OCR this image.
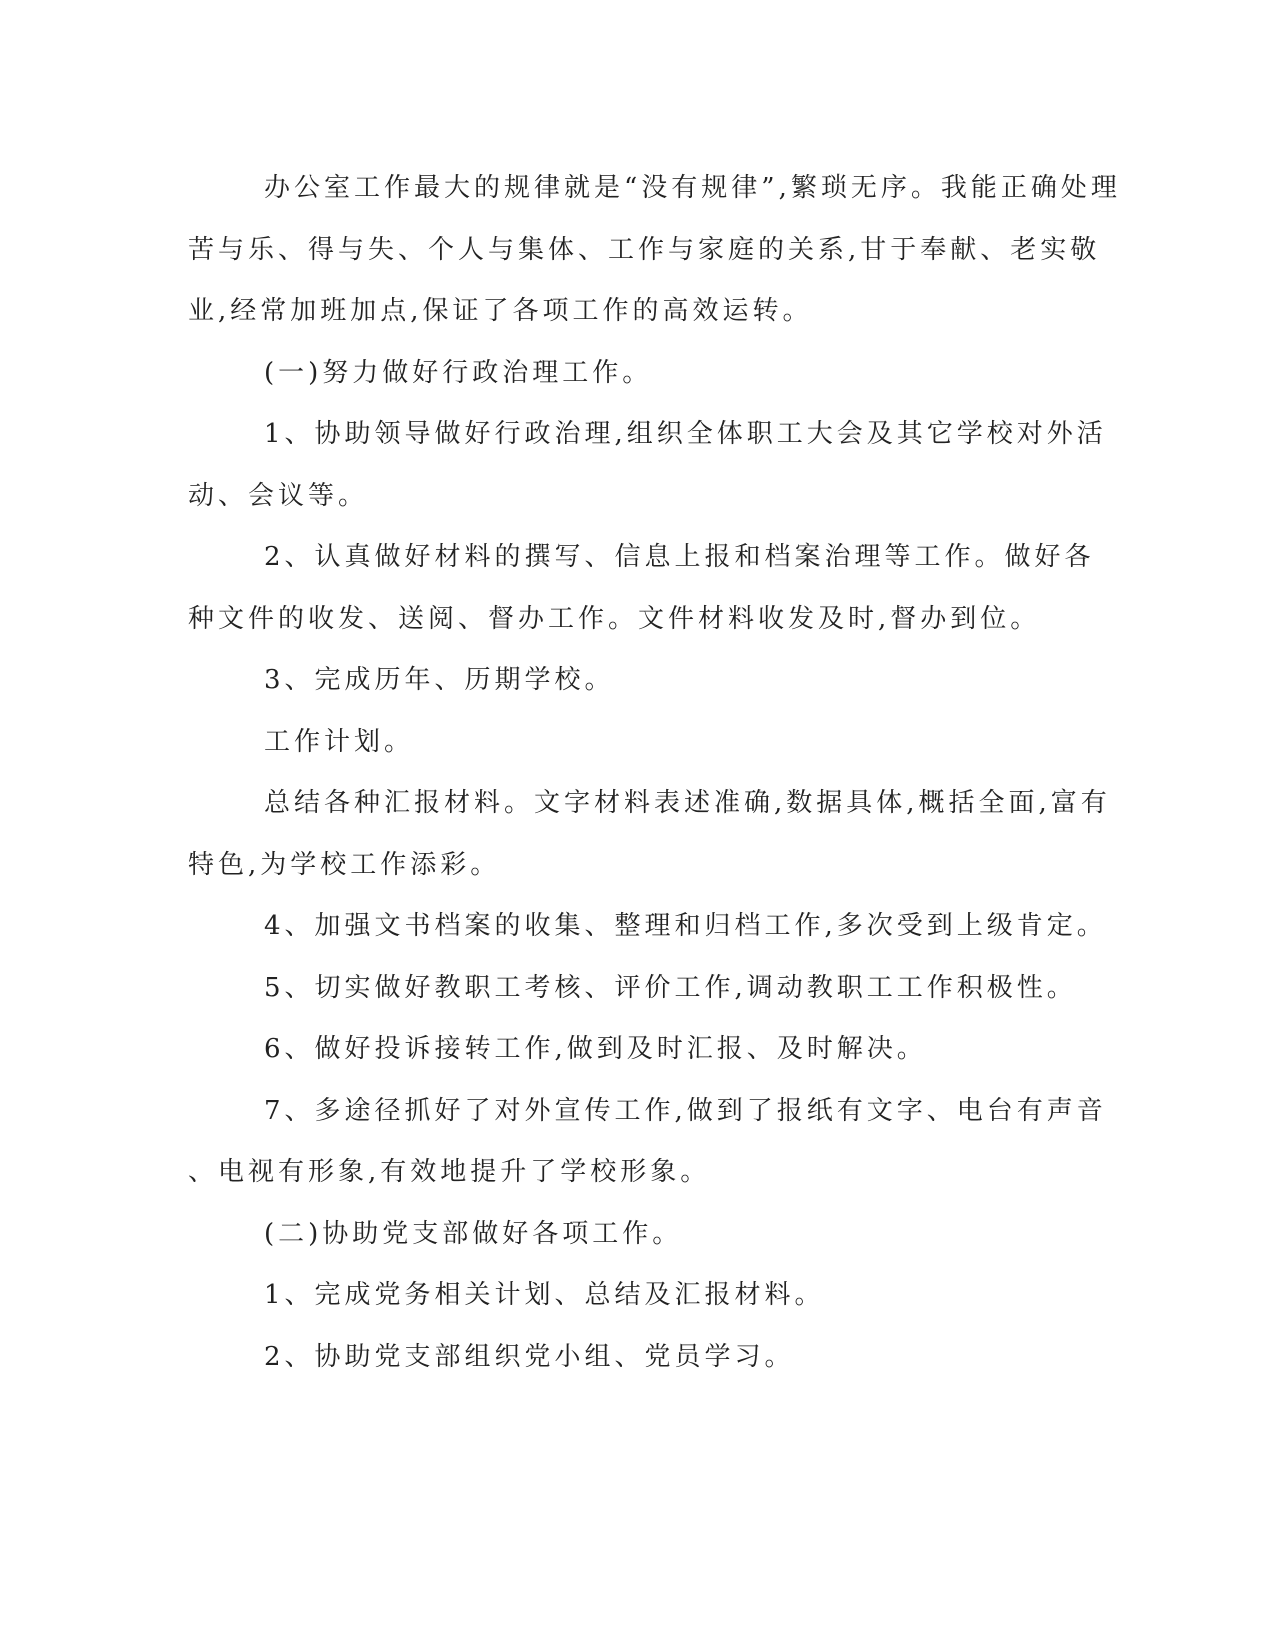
办公室工作最大的规律就是“没有规律”,繁琐无序。我能正确处理
苦与乐、得与失、个人与集体、工作与家庭的关系,甘于奉献、老实敬
业,经常加班加点,保证了各项工作的高效运转。
(一)努力做好行政治理工作。
1、协助领导做好行政治理,组织全体职工大会及其它学校对外活
动、会议等。
2、认真做好材料的撰写、信息上报和档案治理等工作。做好各
种文件的收发、送阅、督办工作。文件材料收发及时,督办到位。
3、完成历年、历期学校。
工作计划。
总结各种汇报材料。文字材料表述准确,数据具体,概括全面,富有
特色,为学校工作添彩。
4、加强文书档案的收集、整理和归档工作,多次受到上级肯定。
5、切实做好教职工考核、评价工作,调动教职工工作积极性。
6、做好投诉接转工作,做到及时汇报、及时解决。
7、多途径抓好了对外宣传工作,做到了报纸有文字、电台有声音
、电视有形象,有效地提升了学校形象。
(二)协助党支部做好各项工作。
1、完成党务相关计划、总结及汇报材料。
2、协助党支部组织党小组、党员学习。
